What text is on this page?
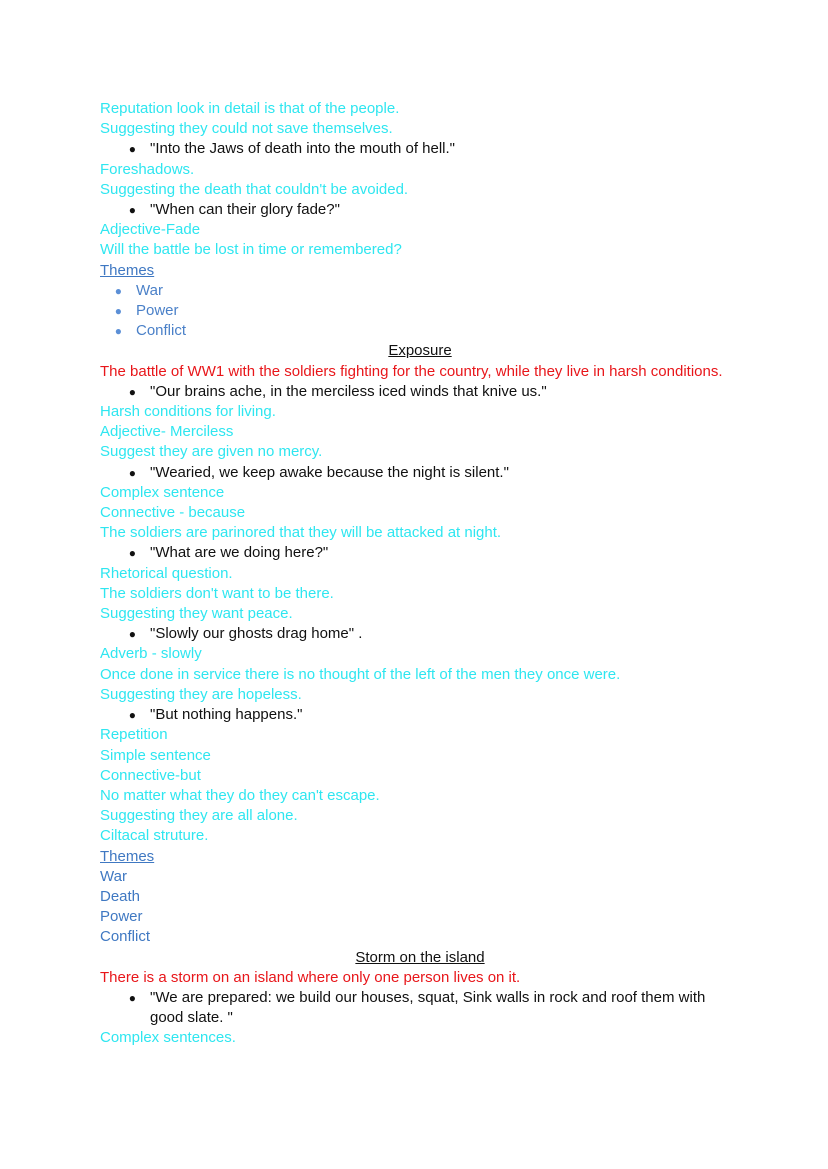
Reputation look in detail is that of the people.
Suggesting they could not save themselves.
● "Into the Jaws of death into the mouth of hell."
Foreshadows.
Suggesting the death that couldn't be avoided.
● "When can their glory fade?"
Adjective-Fade
Will the battle be lost in time or remembered?
Themes
● War
● Power
● Conflict
Exposure
The battle of WW1 with the soldiers fighting for the country, while they live in harsh conditions.
● "Our brains ache, in the merciless iced winds that knive us."
Harsh conditions for living.
Adjective- Merciless
Suggest they are given no mercy.
● "Wearied, we keep awake because the night is silent."
Complex sentence
Connective - because
The soldiers are parinored that they will be attacked at night.
● "What are we doing here?"
Rhetorical question.
The soldiers don't want to be there.
Suggesting they want peace.
● "Slowly our ghosts drag home" .
Adverb - slowly
Once done in service there is no thought of the left of the men they once were.
Suggesting they are hopeless.
● "But nothing happens."
Repetition
Simple sentence
Connective-but
No matter what they do they can't escape.
Suggesting they are all alone.
Ciltacal struture.
Themes
War
Death
Power
Conflict
Storm on the island
There is a storm on an island where only one person lives on it.
● "We are prepared: we build our houses, squat, Sink walls in rock and roof them with good slate. "
Complex sentences.
